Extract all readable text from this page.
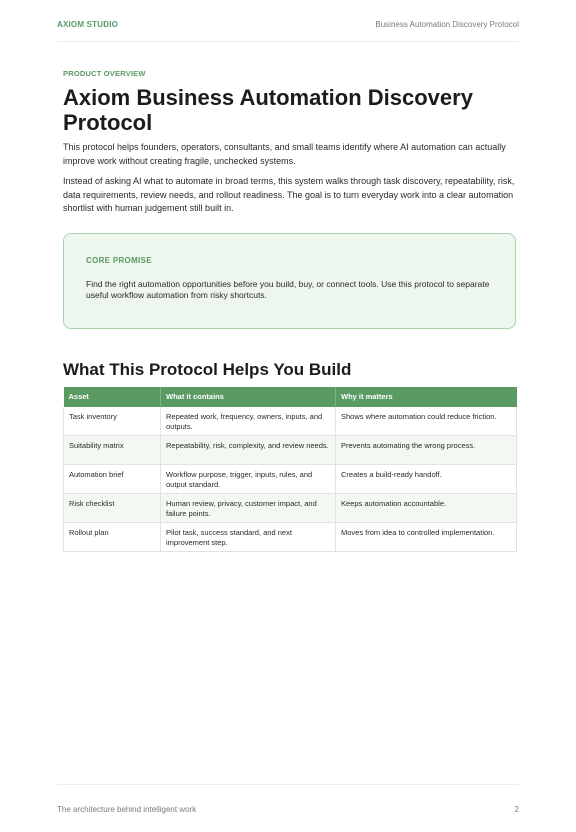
AXIOM STUDIO	Business Automation Discovery Protocol
PRODUCT OVERVIEW
Axiom Business Automation Discovery Protocol

This protocol helps founders, operators, consultants, and small teams identify where AI automation can actually improve work without creating fragile, unchecked systems.

Instead of asking AI what to automate in broad terms, this system walks through task discovery, repeatability, risk, data requirements, review needs, and rollout readiness. The goal is to turn everyday work into a clear automation shortlist with human judgement still built in.

CORE PROMISE
Find the right automation opportunities before you build, buy, or connect tools. Use this protocol to separate useful workflow automation from risky shortcuts.
What This Protocol Helps You Build
Asset	What it contains	Why it matters
Task inventory	Repeated work, frequency, owners, inputs, and outputs.	Shows where automation could reduce friction.
Suitability matrix	Repeatability, risk, complexity, and review needs.	Prevents automating the wrong process.
Automation brief	Workflow purpose, trigger, inputs, rules, and output standard.	Creates a build-ready handoff.
Risk checklist	Human review, privacy, customer impact, and failure points.	Keeps automation accountable.
Rollout plan	Pilot task, success standard, and next improvement step.	Moves from idea to controlled implementation.
The architecture behind intelligent work	2
